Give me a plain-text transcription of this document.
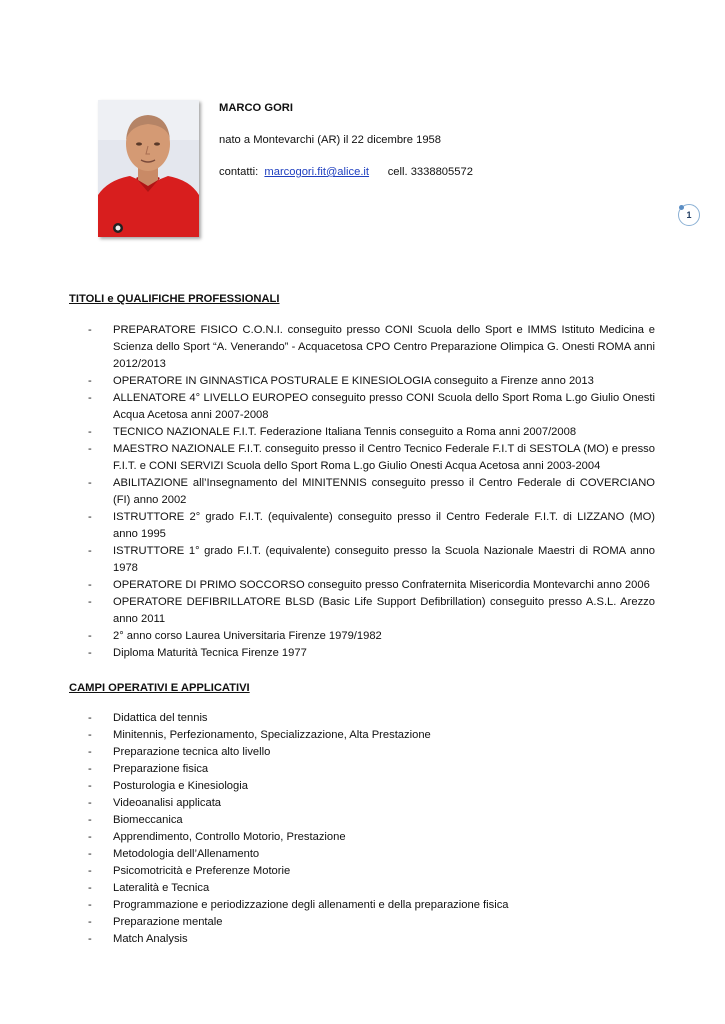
MARCO GORI
nato a Montevarchi (AR) il 22 dicembre 1958
contatti:  marcogori.fit@alice.it cell. 3338805572
1
TITOLI e QUALIFICHE PROFESSIONALI
- PREPARATORE FISICO C.O.N.I. conseguito presso CONI Scuola dello Sport e IMMS Istituto Medicina e Scienza dello Sport “A. Venerando” - Acquacetosa CPO Centro Preparazione Olimpica G. Onesti ROMA anni 2012/2013
- OPERATORE IN GINNASTICA POSTURALE E KINESIOLOGIA conseguito a Firenze anno 2013
- ALLENATORE 4° LIVELLO EUROPEO conseguito presso CONI Scuola dello Sport Roma L.go Giulio Onesti Acqua Acetosa anni 2007-2008
- TECNICO NAZIONALE F.I.T. Federazione Italiana Tennis conseguito a Roma anni 2007/2008
- MAESTRO NAZIONALE F.I.T. conseguito presso il Centro Tecnico Federale F.I.T di SESTOLA (MO) e presso F.I.T. e CONI SERVIZI Scuola dello Sport Roma L.go Giulio Onesti Acqua Acetosa anni 2003-2004
- ABILITAZIONE all’Insegnamento del MINITENNIS conseguito presso il Centro Federale di COVERCIANO (FI) anno 2002
- ISTRUTTORE 2° grado F.I.T. (equivalente) conseguito presso il Centro Federale F.I.T. di LIZZANO (MO) anno 1995
- ISTRUTTORE 1° grado F.I.T. (equivalente) conseguito presso la Scuola Nazionale Maestri di ROMA anno 1978
- OPERATORE DI PRIMO SOCCORSO conseguito presso Confraternita Misericordia Montevarchi anno 2006
- OPERATORE DEFIBRILLATORE BLSD (Basic Life Support Defibrillation) conseguito presso A.S.L. Arezzo anno 2011
- 2° anno corso Laurea Universitaria Firenze 1979/1982
- Diploma Maturità Tecnica Firenze 1977
CAMPI OPERATIVI E APPLICATIVI
- Didattica del tennis
- Minitennis, Perfezionamento, Specializzazione, Alta Prestazione
- Preparazione tecnica alto livello
- Preparazione fisica
- Posturologia e Kinesiologia
- Videoanalisi applicata
- Biomeccanica
- Apprendimento, Controllo Motorio, Prestazione
- Metodologia dell’Allenamento
- Psicomotricità e Preferenze Motorie
- Lateralità e Tecnica
- Programmazione e periodizzazione degli allenamenti e della preparazione fisica
- Preparazione mentale
- Match Analysis
